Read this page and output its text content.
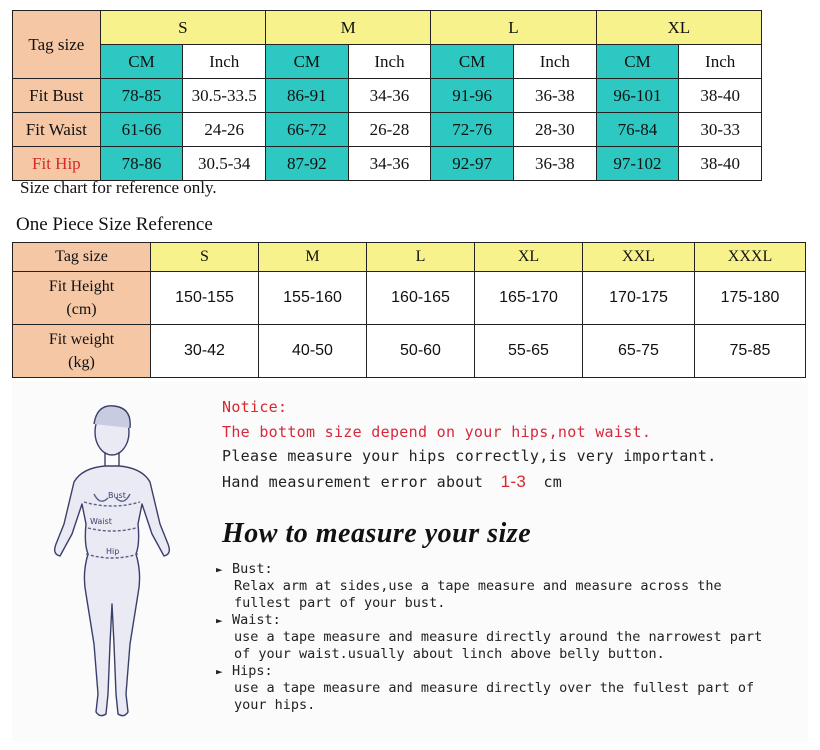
Tag size	S		M		L		XL	
	CM	Inch	CM	Inch	CM	Inch	CM	Inch
Fit Bust	78-85	30.5-33.5	86-91	34-36	91-96	36-38	96-101	38-40
Fit Waist	61-66	24-26	66-72	26-28	72-76	28-30	76-84	30-33
Fit Hip	78-86	30.5-34	87-92	34-36	92-97	36-38	97-102	38-40
Size chart for reference only.
One Piece Size Reference
Tag size	S	M	L	XL	XXL	XXXL
Fit Height
(cm)	150-155	155-160	160-165	165-170	170-175	175-180
Fit weight
(kg)	30-42	40-50	50-60	55-65	65-75	75-85
Bust
Waist
Hip
Notice:
The bottom size depend on your hips,not waist.
Please measure your hips correctly,is very important.
Hand measurement error about 1-3 cm
How to measure your size
► Bust:
Relax arm at sides,use a tape measure and measure across the
fullest part of your bust.
► Waist:
use a tape measure and measure directly around the narrowest part
of your waist.usually about linch above belly button.
► Hips:
use a tape measure and measure directly over the fullest part of
your hips.
